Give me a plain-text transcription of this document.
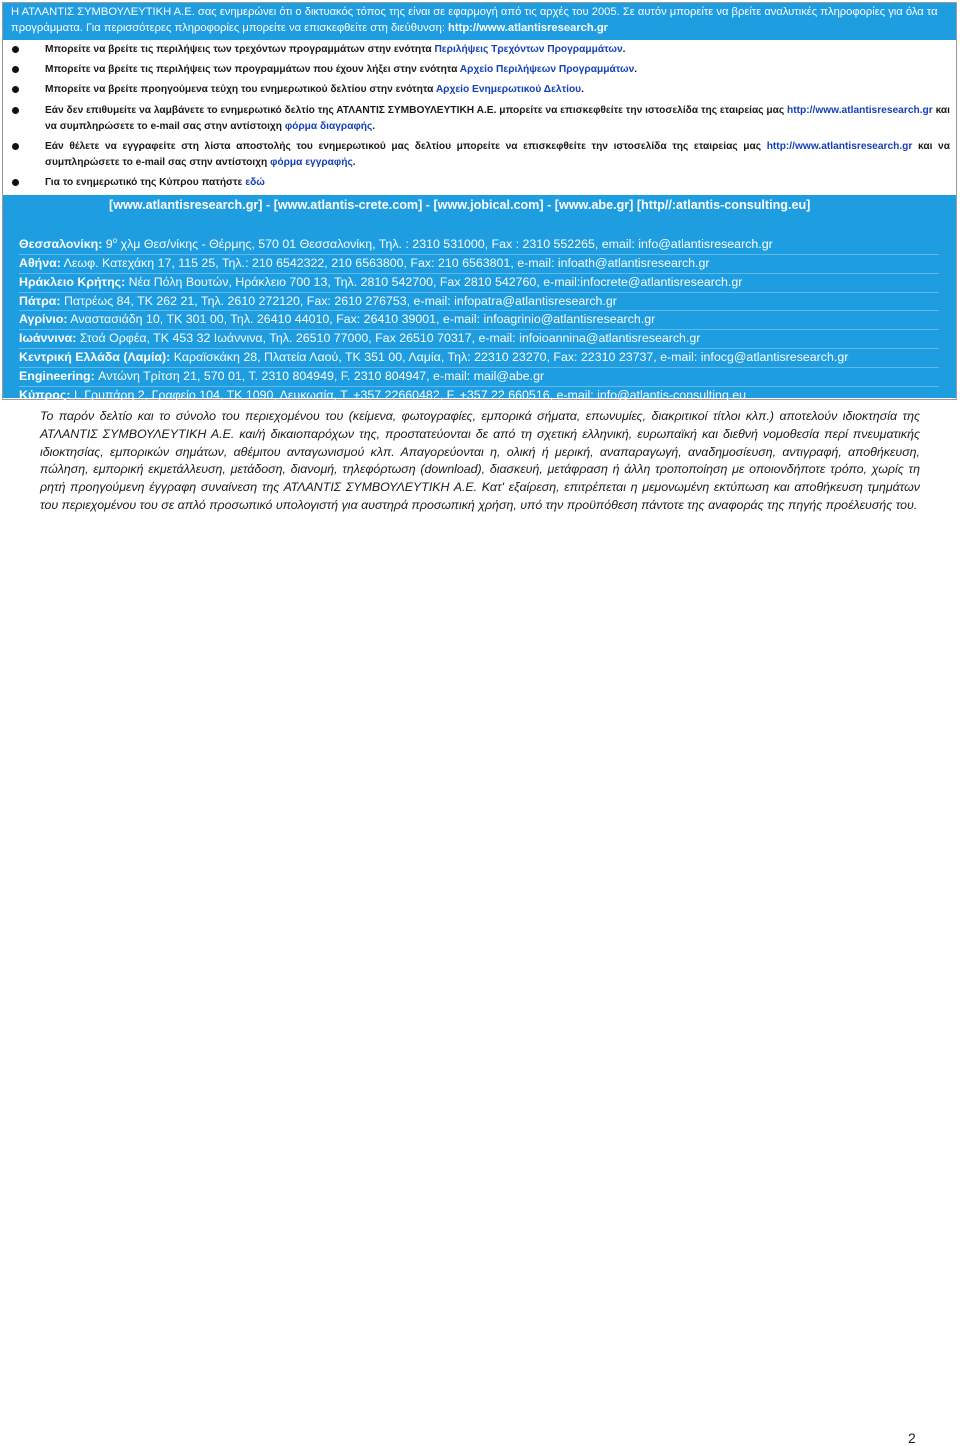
Η ΑΤΛΑΝΤΙΣ ΣΥΜΒΟΥΛΕΥΤΙΚΗ Α.Ε. σας ενημερώνει ότι ο δικτυακός τόπος της είναι σε εφαρμογή από τις αρχές του 2005. Σε αυτόν μπορείτε να βρείτε αναλυτικές πληροφορίες για όλα τα
προγράμματα. Για περισσότερες πληροφορίες μπορείτε να επισκεφθείτε στη διεύθυνση: http://www.atlantisresearch.gr
Μπορείτε να βρείτε τις περιλήψεις των τρεχόντων προγραμμάτων στην ενότητα Περιλήψεις Τρεχόντων Προγραμμάτων.
Μπορείτε να βρείτε τις περιλήψεις των προγραμμάτων που έχουν λήξει στην ενότητα Αρχείο Περιλήψεων Προγραμμάτων.
Μπορείτε να βρείτε προηγούμενα τεύχη του ενημερωτικού δελτίου στην ενότητα Αρχείο Ενημερωτικού Δελτίου.
Εάν δεν επιθυμείτε να λαμβάνετε το ενημερωτικό δελτίο της ΑΤΛΑΝΤΙΣ ΣΥΜΒΟΥΛΕΥΤΙΚΗ Α.Ε. μπορείτε να επισκεφθείτε την ιστοσελίδα της εταιρείας μας http://www.atlantisresearch.gr και να συμπληρώσετε το e-mail σας στην αντίστοιχη φόρμα διαγραφής.
Εάν θέλετε να εγγραφείτε στη λίστα αποστολής του ενημερωτικού μας δελτίου μπορείτε να επισκεφθείτε την ιστοσελίδα της εταιρείας μας http://www.atlantisresearch.gr και να συμπληρώσετε το e-mail σας στην αντίστοιχη φόρμα εγγραφής.
Για το ενημερωτικό της Κύπρου πατήστε εδώ
[www.atlantisresearch.gr] - [www.atlantis-crete.com] - [www.jobical.com] - [www.abe.gr] [http//:atlantis-consulting.eu]
Θεσσαλονίκη: $9^o$ χλμ Θεσ/νίκης - Θέρμης, 570 01 Θεσσαλονίκη, Τηλ. : 2310 531000, Fax : 2310 552265, email: info@atlantisresearch.gr
Αθήνα: Λεωφ. Κατεχάκη 17, 115 25, Τηλ.: 210 6542322, 210 6563800, Fax: 210 6563801, e-mail: infoath@atlantisresearch.gr
Ηράκλειο Κρήτης: Νέα Πόλη Βουτών, Ηράκλειο 700 13, Τηλ. 2810 542700, Fax 2810 542760, e-mail:infocrete@atlantisresearch.gr
Πάτρα: Πατρέως 84, ΤΚ 262 21, Τηλ. 2610 272120, Fax: 2610 276753, e-mail: infopatra@atlantisresearch.gr
Αγρίνιο: Αναστασιάδη 10, ΤΚ 301 00, Τηλ. 26410 44010, Fax: 26410 39001, e-mail: infoagrinio@atlantisresearch.gr
Ιωάννινα: Στοά Ορφέα, ΤΚ 453 32 Ιωάννινα, Τηλ. 26510 77000, Fax 26510 70317, e-mail: infoioannina@atlantisresearch.gr
Κεντρική Ελλάδα (Λαμία): Καραϊσκάκη 28, Πλατεία Λαού, ΤΚ 351 00, Λαμία, Τηλ: 22310 23270, Fax: 22310 23737, e-mail: infocg@atlantisresearch.gr
Engineering: Αντώνη Τρίτση 21, 570 01, Τ. 2310 804949, F. 2310 804947, e-mail: mail@abe.gr
Κύπρος: Ι. Γρυπάρη 2, Γραφείο 104, ΤΚ 1090, Λευκωσία, Τ. +357 22660482, F. +357 22 660516, e-mail: info@atlantis-consulting.eu
Το παρόν δελτίο και το σύνολο του περιεχομένου του (κείμενα, φωτογραφίες, εμπορικά σήματα, επωνυμίες, διακριτικοί τίτλοι κλπ.) αποτελούν ιδιοκτησία της ΑΤΛΑΝΤΙΣ ΣΥΜΒΟΥΛΕΥΤΙΚΗ Α.Ε. και/ή δικαιοπαρόχων της, προστατεύονται δε από τη σχετική ελληνική, ευρωπαϊκή και διεθνή νομοθεσία περί πνευματικής ιδιοκτησίας, εμπορικών σημάτων, αθέμιτου ανταγωνισμού κλπ. Απαγορεύονται η, ολική ή μερική, αναπαραγωγή, αναδημοσίευση, αντιγραφή, αποθήκευση, πώληση, εμπορική εκμετάλλευση, μετάδοση, διανομή, τηλεφόρτωση (download), διασκευή, μετάφραση ή άλλη τροποποίηση με οποιονδήποτε τρόπο, χωρίς τη ρητή προηγούμενη έγγραφη συναίνεση της ΑΤΛΑΝΤΙΣ ΣΥΜΒΟΥΛΕΥΤΙΚΗ Α.Ε. Κατ' εξαίρεση, επιτρέπεται η μεμονωμένη εκτύπωση και αποθήκευση τμημάτων του περιεχομένου του σε απλό προσωπικό υπολογιστή για αυστηρά προσωπική χρήση, υπό την προϋπόθεση πάντοτε της αναφοράς της πηγής προέλευσής του.
2
